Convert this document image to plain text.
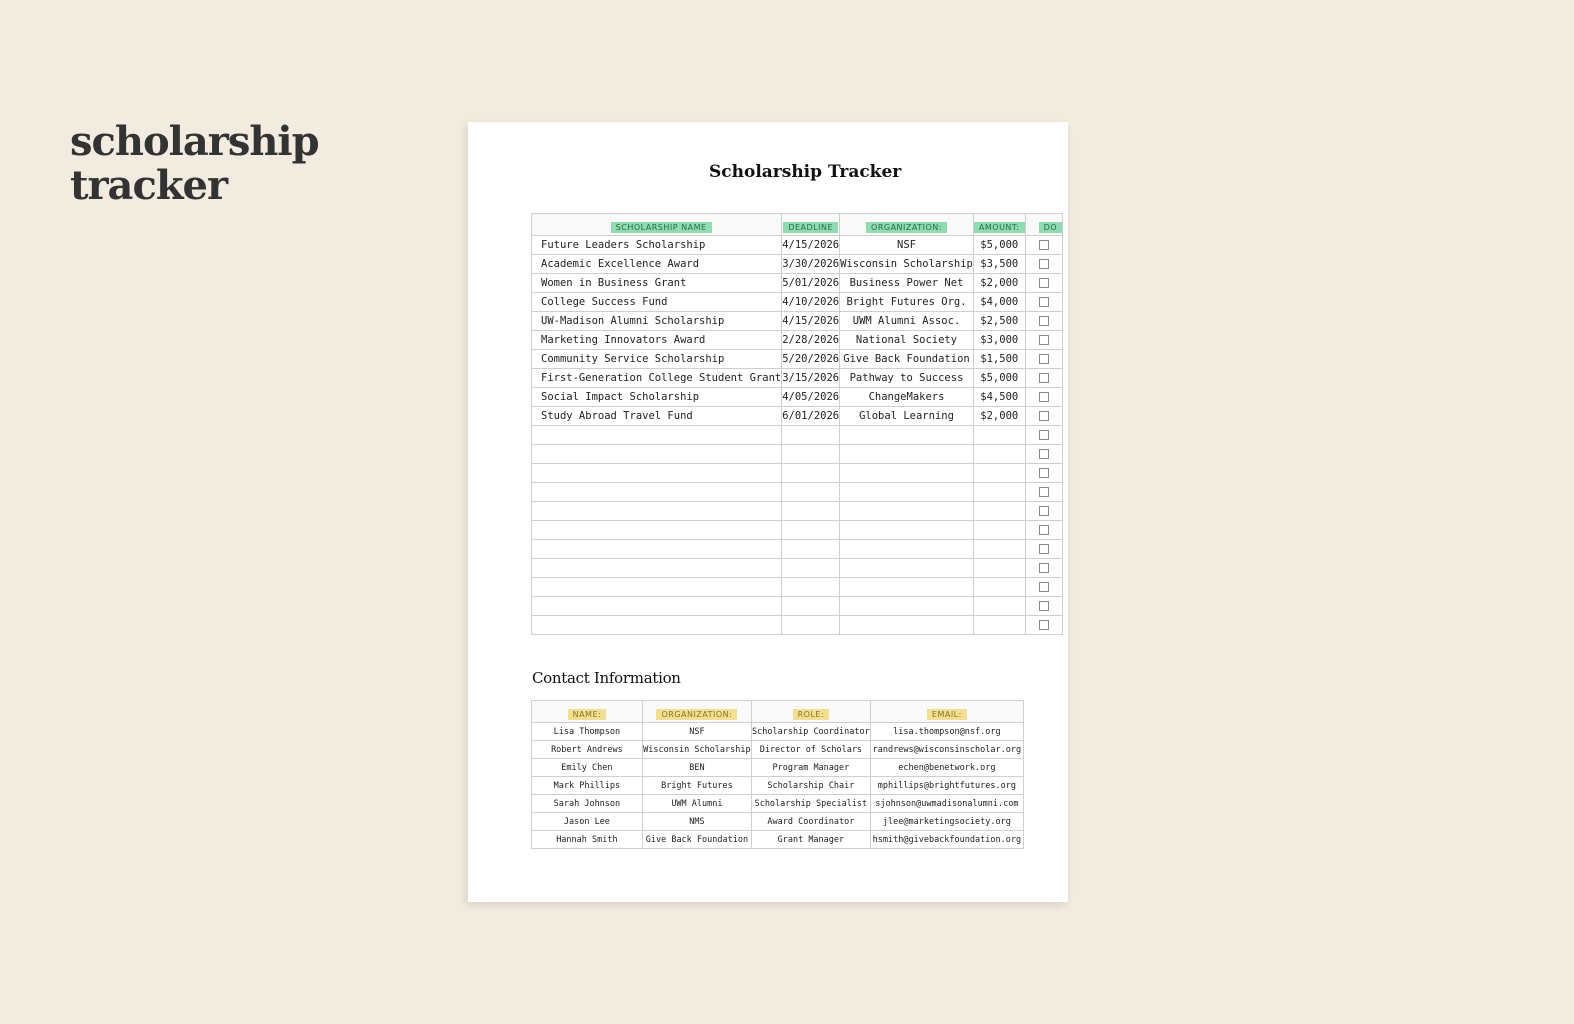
scholarship
tracker	Scholarship Tracker
SCHOLARSHIP NAME	DEADLINE	ORGANIZATION:	AMOUNT:	DO
Future Leaders Scholarship	4/15/2026	NSF	$5,000	
Academic Excellence Award	3/30/2026	Wisconsin Scholarship	$3,500	
Women in Business Grant	5/01/2026	Business Power Net	$2,000	
College Success Fund	4/10/2026	Bright Futures Org.	$4,000	
UW-Madison Alumni Scholarship	4/15/2026	UWM Alumni Assoc.	$2,500	
Marketing Innovators Award	2/28/2026	National Society	$3,000	
Community Service Scholarship	5/20/2026	Give Back Foundation	$1,500	
First-Generation College Student Grant	3/15/2026	Pathway to Success	$5,000	
Social Impact Scholarship	4/05/2026	ChangeMakers	$4,500	
Study Abroad Travel Fund	6/01/2026	Global Learning	$2,000	

Contact Information
NAME:	ORGANIZATION:	ROLE:	EMAIL:
Lisa Thompson	NSF	Scholarship Coordinator	lisa.thompson@nsf.org
Robert Andrews	Wisconsin Scholarship	Director of Scholars	randrews@wisconsinscholar.org
Emily Chen	BEN	Program Manager	echen@benetwork.org
Mark Phillips	Bright Futures	Scholarship Chair	mphillips@brightfutures.org
Sarah Johnson	UWM Alumni	Scholarship Specialist	sjohnson@uwmadisonalumni.com
Jason Lee	NMS	Award Coordinator	jlee@marketingsociety.org
Hannah Smith	Give Back Foundation	Grant Manager	hsmith@givebackfoundation.org
